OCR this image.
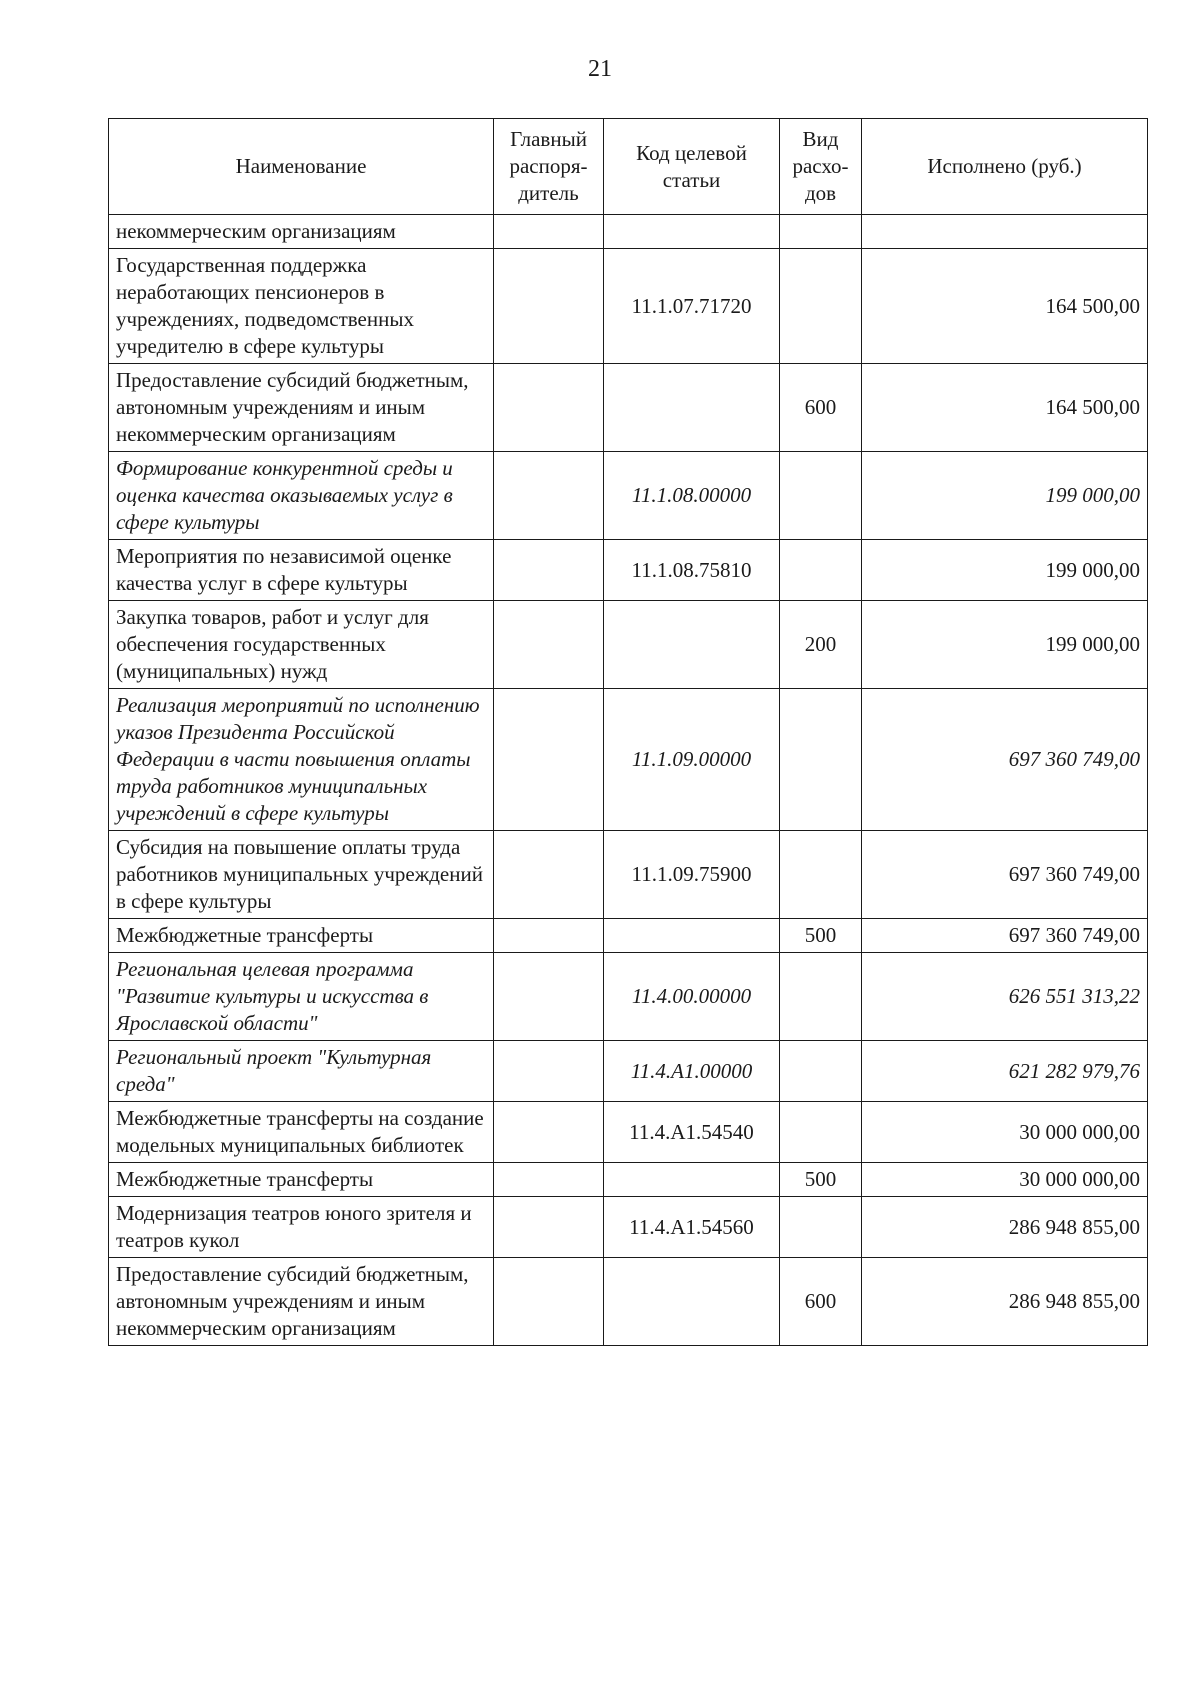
21
Наименование	Главный распоря-дитель	Код целевой статьи	Вид расхо-дов	Исполнено (руб.)
некоммерческим организациям				
Государственная поддержка неработающих пенсионеров в учреждениях, подведомственных учредителю в сфере культуры		11.1.07.71720		164 500,00
Предоставление субсидий бюджетным, автономным учреждениям и иным некоммерческим организациям			600	164 500,00
Формирование конкурентной среды и оценка качества оказываемых услуг в сфере культуры		11.1.08.00000		199 000,00
Мероприятия по независимой оценке качества услуг в сфере культуры		11.1.08.75810		199 000,00
Закупка товаров, работ и услуг для обеспечения государственных (муниципальных) нужд			200	199 000,00
Реализация мероприятий по исполнению указов Президента Российской Федерации в части повышения оплаты труда работников муниципальных учреждений в сфере культуры		11.1.09.00000		697 360 749,00
Субсидия на повышение оплаты труда работников муниципальных учреждений в сфере культуры		11.1.09.75900		697 360 749,00
Межбюджетные трансферты			500	697 360 749,00
Региональная целевая программа "Развитие культуры и искусства в Ярославской области"		11.4.00.00000		626 551 313,22
Региональный проект "Культурная среда"		11.4.А1.00000		621 282 979,76
Межбюджетные трансферты на создание модельных муниципальных библиотек		11.4.А1.54540		30 000 000,00
Межбюджетные трансферты			500	30 000 000,00
Модернизация театров юного зрителя и театров кукол		11.4.А1.54560		286 948 855,00
Предоставление субсидий бюджетным, автономным учреждениям и иным некоммерческим организациям			600	286 948 855,00
